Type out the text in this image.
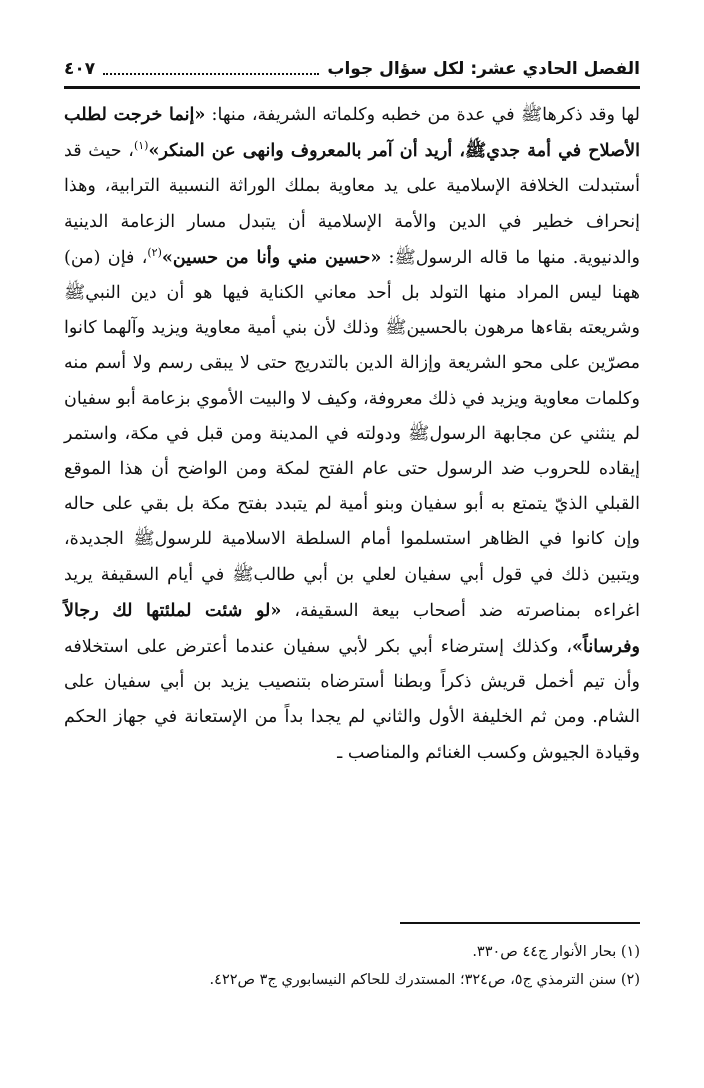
الفصل الحادي عشر: لكل سؤال جواب
٤٠٧

لها وقد ذكرهاﷺ في عدة من خطبه وكلماته الشريفة، منها: «إنما خرجت لطلب الأصلاح في أمة جديﷺ، أريد أن آمر بالمعروف وانهى عن المنكر»$^{(١)}$، حيث قد أستبدلت الخلافة الإسلامية على يد معاوية بملك الوراثة النسبية الترابية، وهذا إنحراف خطير في الدين والأمة الإسلامية أن يتبدل مسار الزعامة الدينية والدنيوية. منها ما قاله الرسولﷺ: «حسين مني وأنا من حسين»$^{(٢)}$، فإن (من) ههنا ليس المراد منها التولد بل أحد معاني الكناية فيها هو أن دين النبيﷺ وشريعته بقاءها مرهون بالحسينﷺ وذلك لأن بني أمية معاوية ويزيد وآلهما كانوا مصرّين على محو الشريعة وإزالة الدين بالتدريج حتى لا يبقى رسم ولا أسم منه وكلمات معاوية ويزيد في ذلك معروفة، وكيف لا والبيت الأموي بزعامة أبو سفيان لم ينثني عن مجابهة الرسولﷺ ودولته في المدينة ومن قبل في مكة، واستمر إيقاده للحروب ضد الرسول حتى عام الفتح لمكة ومن الواضح أن هذا الموقع القبلي الذيّ يتمتع به أبو سفيان وبنو أمية لم يتبدد بفتح مكة بل بقي على حاله وإن كانوا في الظاهر استسلموا أمام السلطة الاسلامية للرسولﷺ الجديدة، ويتبين ذلك في قول أبي سفيان لعلي بن أبي طالبﷺ في أيام السقيفة يريد اغراءه بمناصرته ضد أصحاب بيعة السقيفة، «لو شئت لملئتها لك رجالاً وفرساناً»، وكذلك إسترضاء أبي بكر لأبي سفيان عندما أعترض على استخلافه وأن تيم أخمل قريش ذكراً وبطنا أسترضاه بتنصيب يزيد بن أبي سفيان على الشام. ومن ثم الخليفة الأول والثاني لم يجدا بداً من الإستعانة في جهاز الحكم وقيادة الجيوش وكسب الغنائم والمناصب ـ

(١) بحار الأنوار ج٤٤ ص٣٣٠.
(٢) سنن الترمذي ج٥، ص٣٢٤؛ المستدرك للحاكم النيسابوري ج٣ ص٤٢٢.
